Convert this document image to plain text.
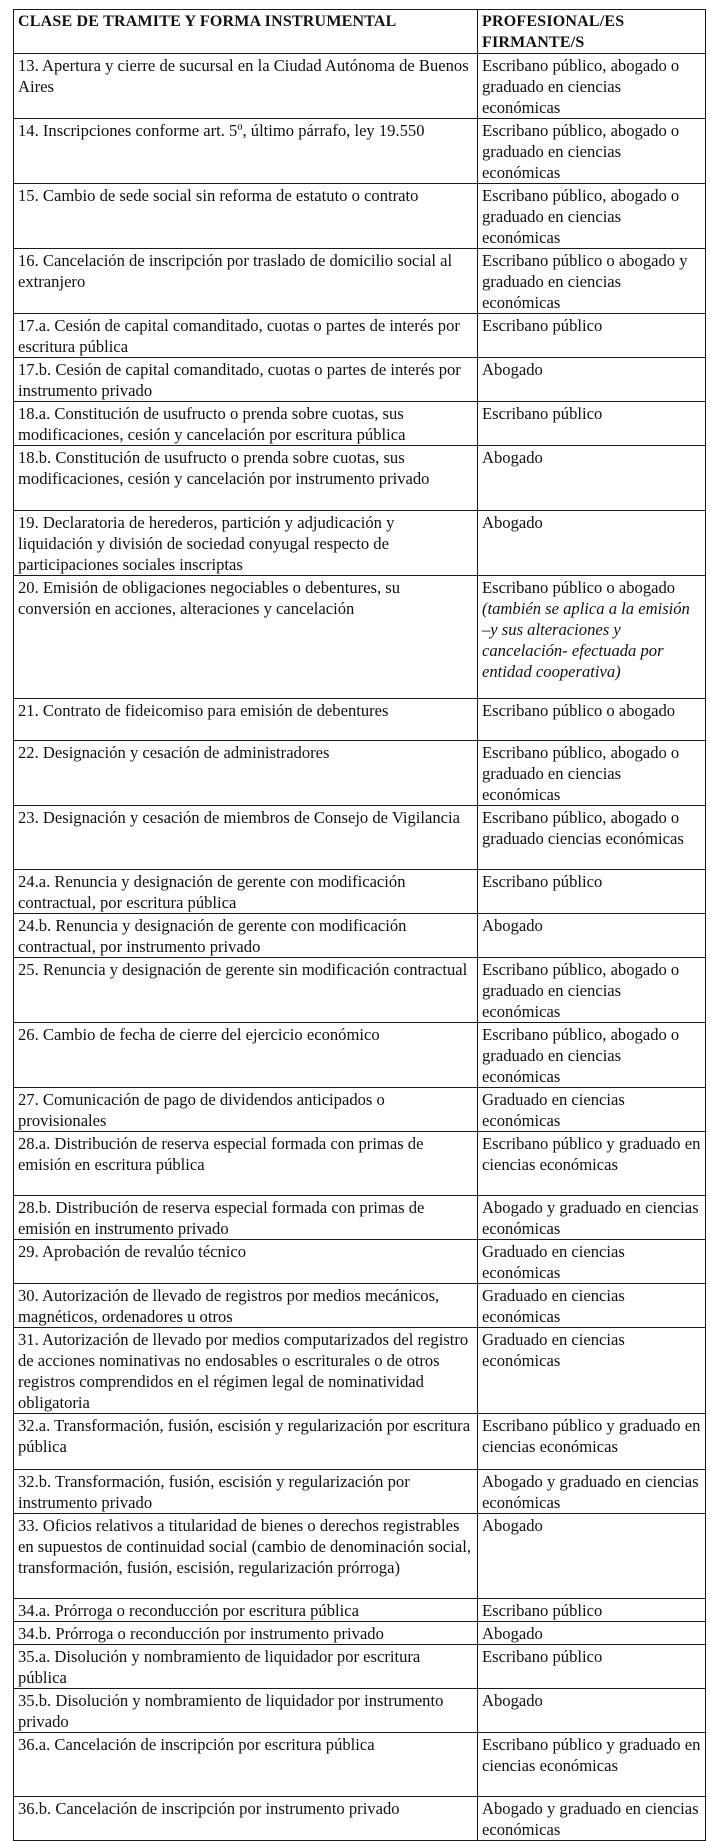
CLASE DE TRAMITE Y FORMA INSTRUMENTAL	PROFESIONAL/ES FIRMANTE/S
13. Apertura y cierre de sucursal en la Ciudad Autónoma de Buenos Aires	Escribano público, abogado o graduado en ciencias económicas
14. Inscripciones conforme art. 5º, último párrafo, ley 19.550	Escribano público, abogado o graduado en ciencias económicas
15. Cambio de sede social sin reforma de estatuto o contrato	Escribano público, abogado o graduado en ciencias económicas
16. Cancelación de inscripción por traslado de domicilio social al extranjero	Escribano público o abogado y graduado en ciencias económicas
17.a. Cesión de capital comanditado, cuotas o partes de interés por escritura pública	Escribano público
17.b. Cesión de capital comanditado, cuotas o partes de interés por instrumento privado	Abogado
18.a. Constitución de usufructo o prenda sobre cuotas, sus modificaciones, cesión y cancelación por escritura pública	Escribano público
18.b. Constitución de usufructo o prenda sobre cuotas, sus modificaciones, cesión y cancelación por instrumento privado	Abogado
19. Declaratoria de herederos, partición y adjudicación y liquidación y división de sociedad conyugal respecto de participaciones sociales inscriptas	Abogado
20. Emisión de obligaciones negociables o debentures, su conversión en acciones, alteraciones y cancelación	Escribano público o abogado
(también se aplica a la emisión –y sus alteraciones y cancelación- efectuada por entidad cooperativa)

21. Contrato de fideicomiso para emisión de debentures	Escribano público o abogado
22. Designación y cesación de administradores	Escribano público, abogado o graduado en ciencias económicas
23. Designación y cesación de miembros de Consejo de Vigilancia	Escribano público, abogado o graduado ciencias económicas
24.a. Renuncia y designación de gerente con modificación contractual, por escritura pública	Escribano público
24.b. Renuncia y designación de gerente con modificación contractual, por instrumento privado	Abogado
25. Renuncia y designación de gerente sin modificación contractual	Escribano público, abogado o graduado en ciencias económicas
26. Cambio de fecha de cierre del ejercicio económico	Escribano público, abogado o graduado en ciencias económicas
27. Comunicación de pago de dividendos anticipados o provisionales	Graduado en ciencias económicas
28.a. Distribución de reserva especial formada con primas de emisión en escritura pública	Escribano público y graduado en ciencias económicas
28.b. Distribución de reserva especial formada con primas de emisión en instrumento privado	Abogado y graduado en ciencias económicas
29. Aprobación de revalúo técnico	Graduado en ciencias económicas
30. Autorización de llevado de registros por medios mecánicos, magnéticos, ordenadores u otros	Graduado en ciencias económicas
31. Autorización de llevado por medios computarizados del registro de acciones nominativas no endosables o escriturales o de otros registros comprendidos en el régimen legal de nominatividad obligatoria	Graduado en ciencias económicas
32.a. Transformación, fusión, escisión y regularización por escritura pública	Escribano público y graduado en ciencias económicas
32.b. Transformación, fusión, escisión y regularización por instrumento privado	Abogado y graduado en ciencias económicas
33. Oficios relativos a titularidad de bienes o derechos registrables en supuestos de continuidad social (cambio de denominación social, transformación, fusión, escisión, regularización prórroga)	Abogado
34.a. Prórroga o reconducción por escritura pública	Escribano público
34.b. Prórroga o reconducción por instrumento privado	Abogado
35.a. Disolución y nombramiento de liquidador por escritura pública	Escribano público
35.b. Disolución y nombramiento de liquidador por instrumento privado	Abogado
36.a. Cancelación de inscripción por escritura pública	Escribano público y graduado en ciencias económicas
36.b. Cancelación de inscripción por instrumento privado	Abogado y graduado en ciencias económicas
